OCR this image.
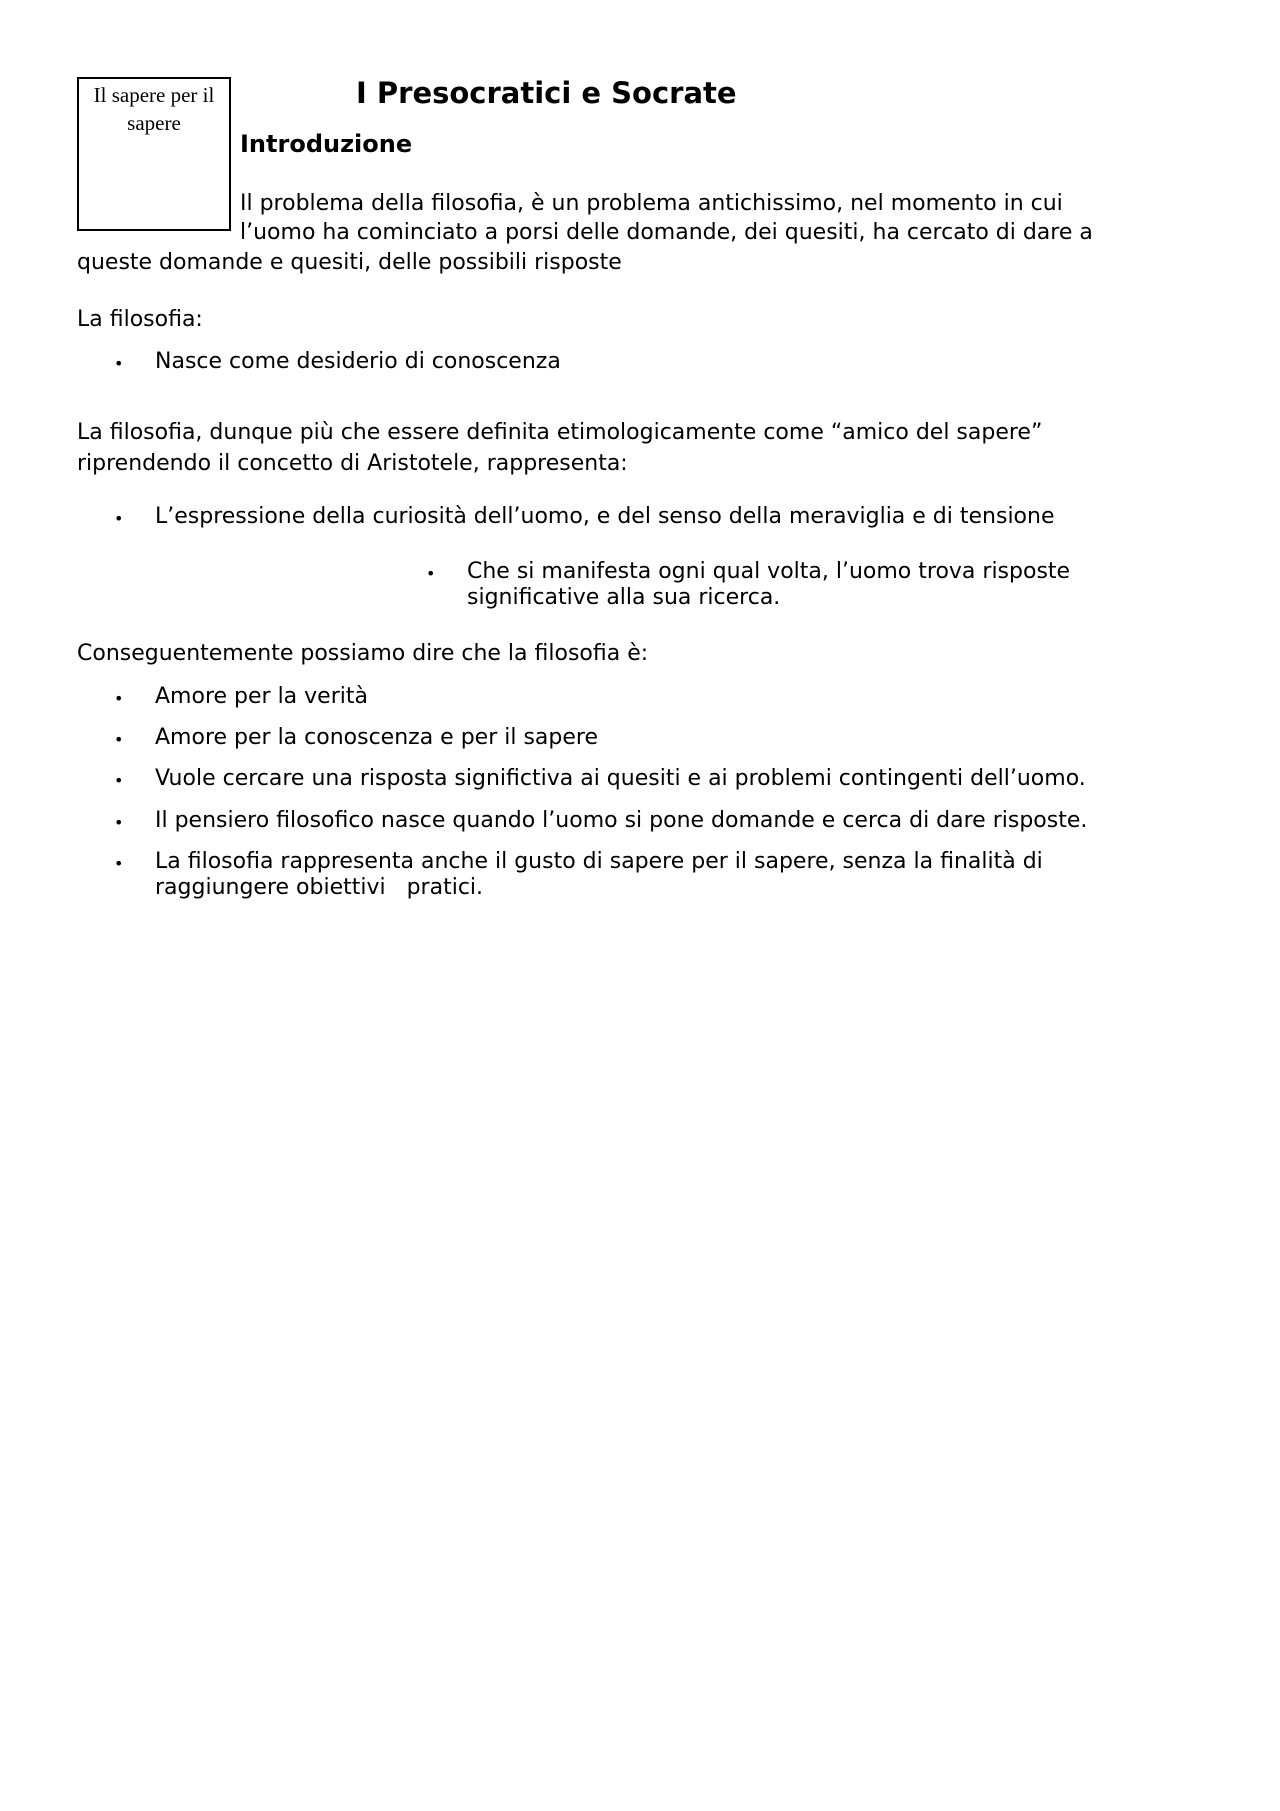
Il sapere per il
sapere
I Presocratici e Socrate
Introduzione
Il problema della filosofia, è un problema antichissimo, nel momento in cui
l’uomo ha cominciato a porsi delle domande, dei quesiti, ha cercato di dare a
queste domande e quesiti, delle possibili risposte
La filosofia:
• Nasce come desiderio di conoscenza
La filosofia, dunque più che essere definita etimologicamente come “amico del sapere”
riprendendo il concetto di Aristotele, rappresenta:
• L’espressione della curiosità dell’uomo, e del senso della meraviglia e di tensione
• Che si manifesta ogni qual volta, l’uomo trova risposte
significative alla sua ricerca.
Conseguentemente possiamo dire che la filosofia è:
• Amore per la verità
• Amore per la conoscenza e per il sapere
• Vuole cercare una risposta significtiva ai quesiti e ai problemi contingenti dell’uomo.
• Il pensiero filosofico nasce quando l’uomo si pone domande e cerca di dare risposte.
• La filosofia rappresenta anche il gusto di sapere per il sapere, senza la finalità di
raggiungere obiettivi   pratici.
